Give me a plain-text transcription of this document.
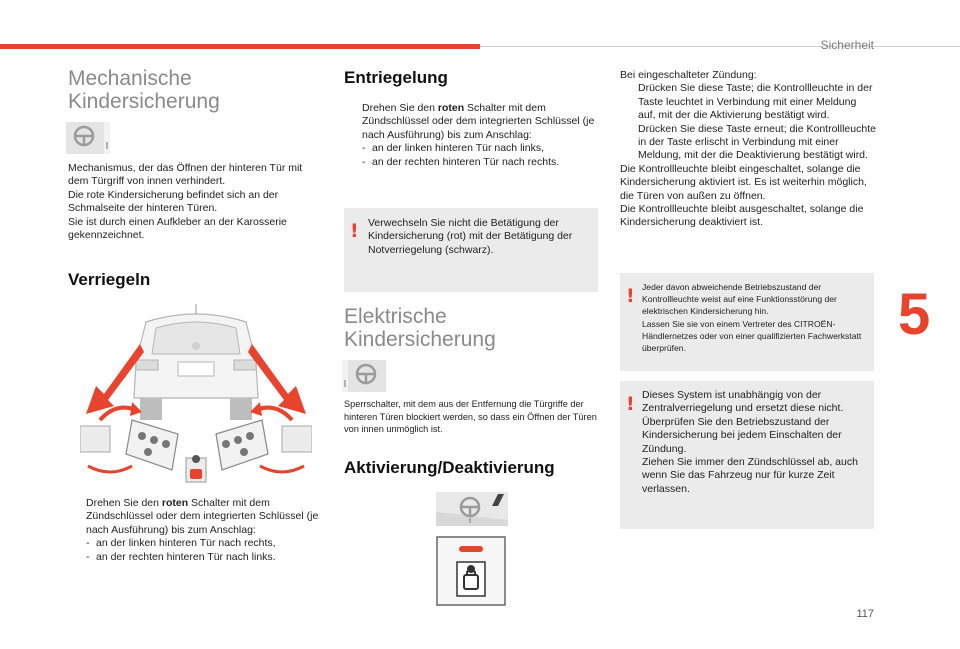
Sicherheit
5
117
Mechanische
Kindersicherung

Mechanismus, der das Öffnen der hinteren Tür mit dem Türgriff von innen verhindert.

Die rote Kindersicherung befindet sich an der Schmalseite der hinteren Türen.

Sie ist durch einen Aufkleber an der Karosserie gekennzeichnet.

Verriegeln
Drehen Sie den roten Schalter mit dem Zündschlüssel oder dem integrierten Schlüssel (je nach Ausführung) bis zum Anschlag:
- an der linken hinteren Tür nach rechts,
- an der rechten hinteren Tür nach links.
Entriegelung
Drehen Sie den roten Schalter mit dem Zündschlüssel oder dem integrierten Schlüssel (je nach Ausführung) bis zum Anschlag:
- an der linken hinteren Tür nach links,
- an der rechten hinteren Tür nach rechts.
! Verwechseln Sie nicht die Betätigung der Kindersicherung (rot) mit der Betätigung der Notverriegelung (schwarz).
Elektrische
Kindersicherung
Sperrschalter, mit dem aus der Entfernung die Türgriffe der hinteren Türen blockiert werden, so dass ein Öffnen der Türen von innen unmöglich ist.
Aktivierung/Deaktivierung

Bei eingeschalteter Zündung:

Drücken Sie diese Taste; die Kontrollleuchte in der Taste leuchtet in Verbindung mit einer Meldung auf, mit der die Aktivierung bestätigt wird.
Drücken Sie diese Taste erneut; die Kontrollleuchte in der Taste erlischt in Verbindung mit einer Meldung, mit der die Deaktivierung bestätigt wird.

Die Kontrollleuchte bleibt eingeschaltet, solange die Kindersicherung aktiviert ist. Es ist weiterhin möglich, die Türen von außen zu öffnen.

Die Kontrollleuchte bleibt ausgeschaltet, solange die Kindersicherung deaktiviert ist.

! Jeder davon abweichende Betriebszustand der Kontrollleuchte weist auf eine Funktionsstörung der elektrischen Kindersicherung hin.

Lassen Sie sie von einem Vertreter des CITROËN-Händlernetzes oder von einer qualifizierten Fachwerkstatt überprüfen.

! Dieses System ist unabhängig von der Zentralverriegelung und ersetzt diese nicht.

Überprüfen Sie den Betriebszustand der Kindersicherung bei jedem Einschalten der Zündung.

Ziehen Sie immer den Zündschlüssel ab, auch wenn Sie das Fahrzeug nur für kurze Zeit verlassen.
